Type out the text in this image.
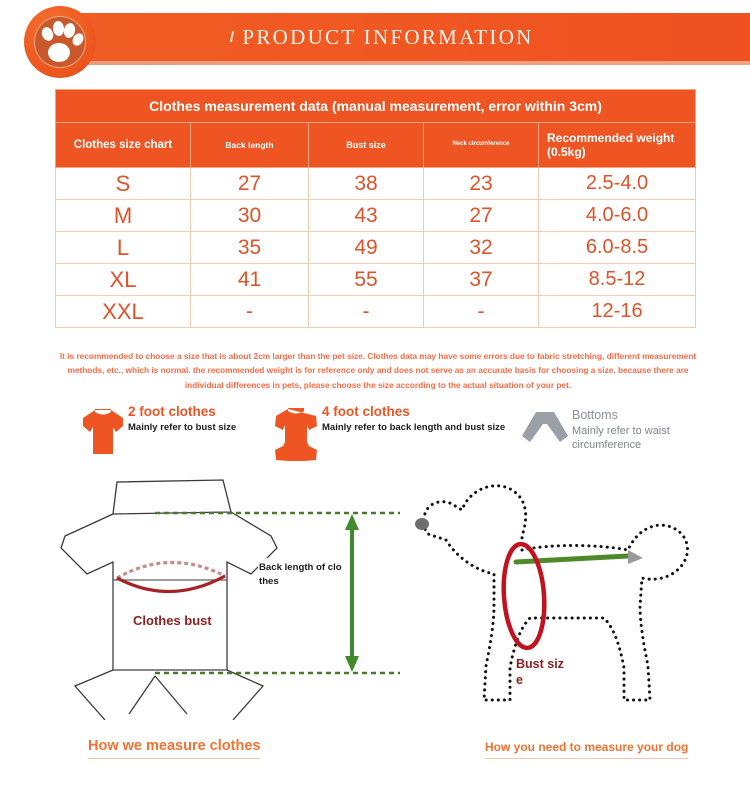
PRODUCT INFORMATION
Clothes measurement data (manual measurement, error within 3cm)				
Clothes size chart	Back length	Bust size	Neck circumference	Recommended weight (0.5kg)
S	27	38	23	2.5-4.0
M	30	43	27	4.0-6.0
L	35	49	32	6.0-8.5
XL	41	55	37	8.5-12
XXL	-	-	-	12-16
It is recommended to choose a size that is about 2cm larger than the pet size. Clothes data may have some errors due to fabric stretching, different measurement methods, etc., which is normal. the recommended weight is for reference only and does not serve as an accurate basis for choosing a size. because there are individual differences in pets, please choose the size according to the actual situation of your pet.
2 foot clothes
Mainly refer to bust size
4 foot clothes
Mainly refer to back length and bust size
Bottoms
Mainly refer to waist circumference
Clothes bust
Back length of clo
thes
Bust siz
e
How we measure clothes	How you need to measure your dog
